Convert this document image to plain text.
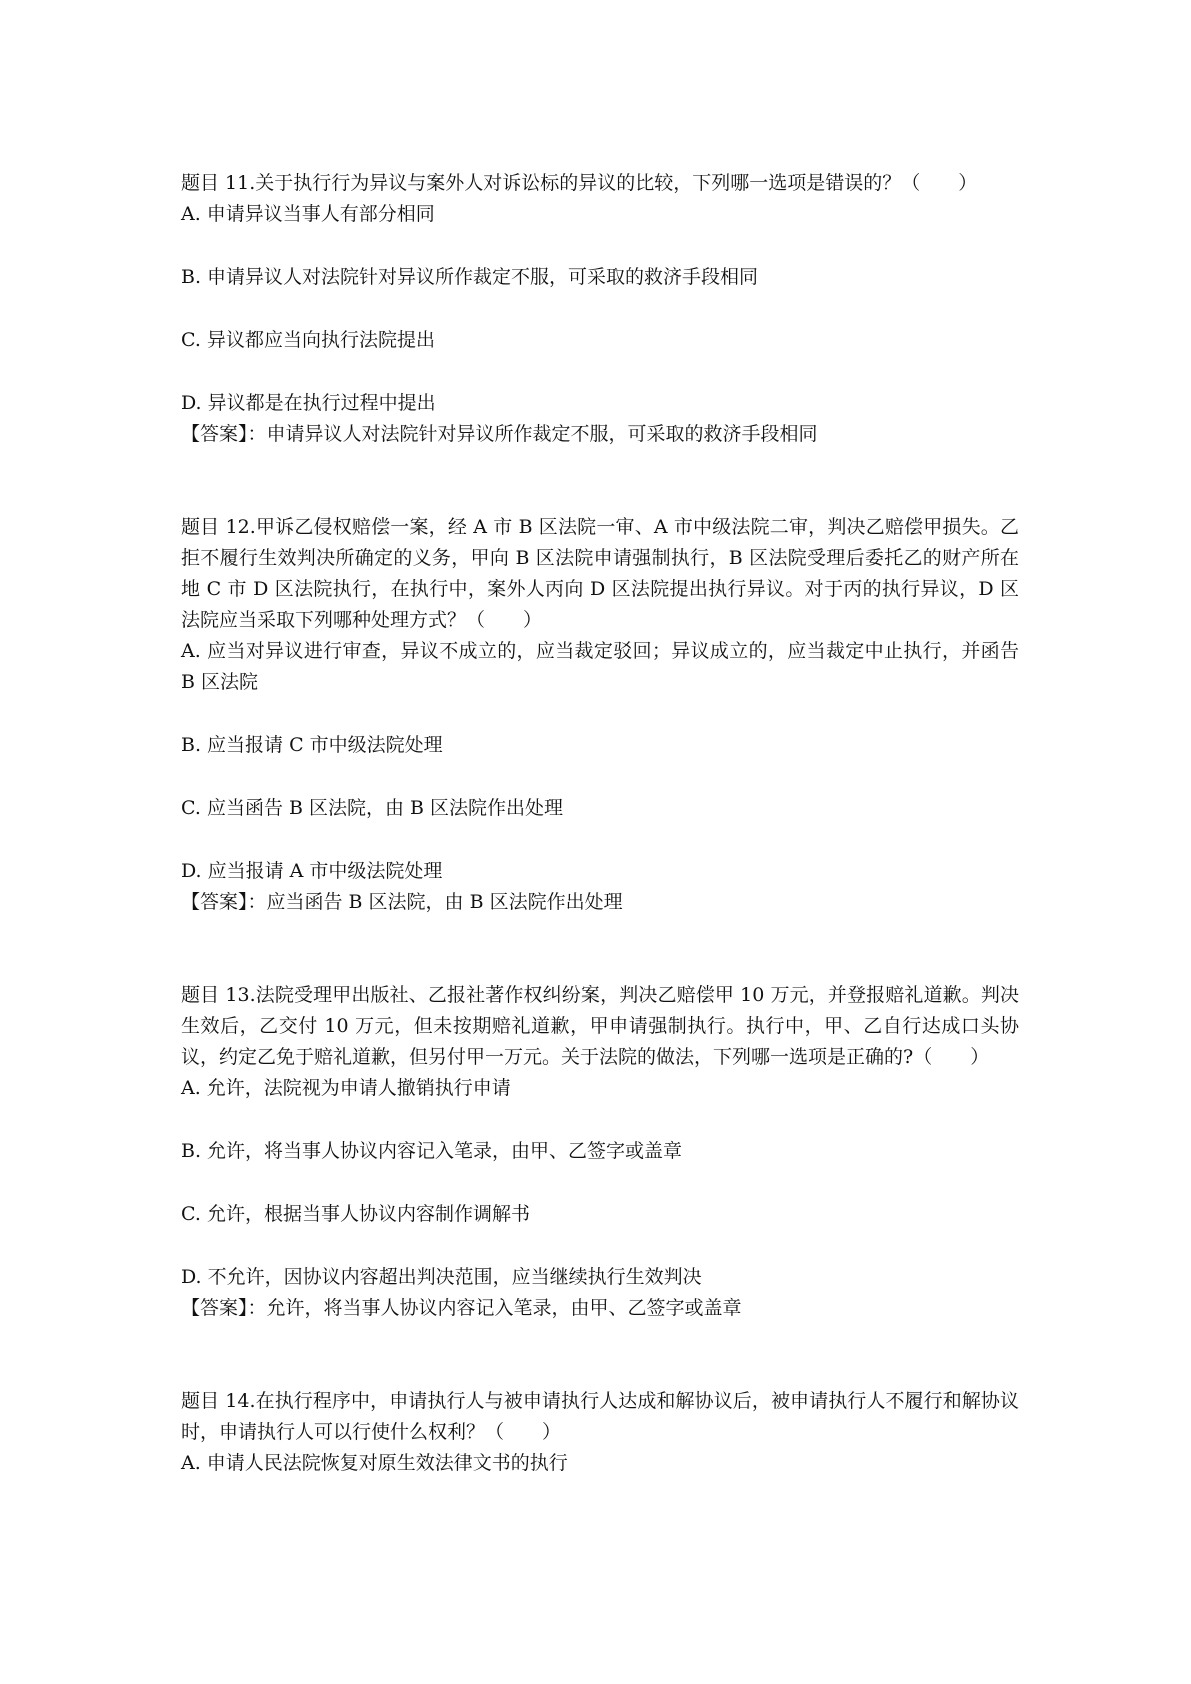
题目 11.关于执行行为异议与案外人对诉讼标的异议的比较，下列哪一选项是错误的？（　　）

A. 申请异议当事人有部分相同

B. 申请异议人对法院针对异议所作裁定不服，可采取的救济手段相同

C. 异议都应当向执行法院提出

D. 异议都是在执行过程中提出

【答案】：申请异议人对法院针对异议所作裁定不服，可采取的救济手段相同

题目 12.甲诉乙侵权赔偿一案，经 A 市 B 区法院一审、A 市中级法院二审，判决乙赔偿甲损失。乙拒不履行生效判决所确定的义务，甲向 B 区法院申请强制执行，B 区法院受理后委托乙的财产所在地 C 市 D 区法院执行，在执行中，案外人丙向 D 区法院提出执行异议。对于丙的执行异议，D 区法院应当采取下列哪种处理方式？（　　）

A. 应当对异议进行审查，异议不成立的，应当裁定驳回；异议成立的，应当裁定中止执行，并函告 B 区法院

B. 应当报请 C 市中级法院处理

C. 应当函告 B 区法院，由 B 区法院作出处理

D. 应当报请 A 市中级法院处理

【答案】：应当函告 B 区法院，由 B 区法院作出处理

题目 13.法院受理甲出版社、乙报社著作权纠纷案，判决乙赔偿甲 10 万元，并登报赔礼道歉。判决生效后，乙交付 10 万元，但未按期赔礼道歉，甲申请强制执行。执行中，甲、乙自行达成口头协议，约定乙免于赔礼道歉，但另付甲一万元。关于法院的做法，下列哪一选项是正确的?（　　）

A. 允许，法院视为申请人撤销执行申请

B. 允许，将当事人协议内容记入笔录，由甲、乙签字或盖章

C. 允许，根据当事人协议内容制作调解书

D. 不允许，因协议内容超出判决范围，应当继续执行生效判决

【答案】：允许，将当事人协议内容记入笔录，由甲、乙签字或盖章

题目 14.在执行程序中，申请执行人与被申请执行人达成和解协议后，被申请执行人不履行和解协议时，申请执行人可以行使什么权利？（　　）

A. 申请人民法院恢复对原生效法律文书的执行
